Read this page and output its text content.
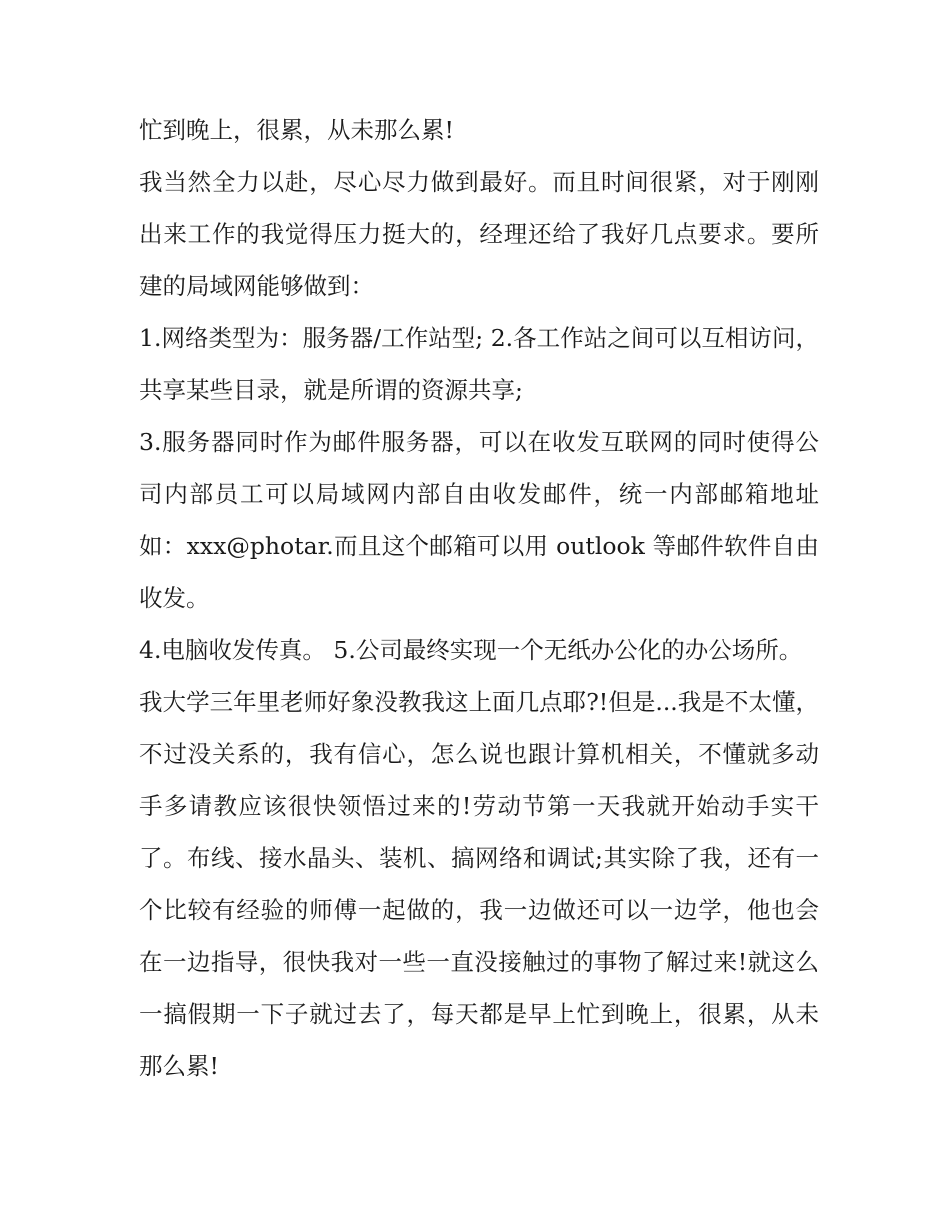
忙到晚上，很累，从未那么累!

我当然全力以赴，尽心尽力做到最好。而且时间很紧，对于刚刚出来工作的我觉得压力挺大的，经理还给了我好几点要求。要所建的局域网能够做到：

1.网络类型为：服务器/工作站型; 2.各工作站之间可以互相访问，共享某些目录，就是所谓的资源共享;

3.服务器同时作为邮件服务器，可以在收发互联网的同时使得公司内部员工可以局域网内部自由收发邮件，统一内部邮箱地址如：xxx@photar.而且这个邮箱可以用 outlook 等邮件软件自由收发。

4.电脑收发传真。 5.公司最终实现一个无纸办公化的办公场所。

我大学三年里老师好象没教我这上面几点耶?!但是...我是不太懂，不过没关系的，我有信心，怎么说也跟计算机相关，不懂就多动手多请教应该很快领悟过来的!劳动节第一天我就开始动手实干了。布线、接水晶头、装机、搞网络和调试;其实除了我，还有一个比较有经验的师傅一起做的，我一边做还可以一边学，他也会在一边指导，很快我对一些一直没接触过的事物了解过来!就这么一搞假期一下子就过去了，每天都是早上忙到晚上，很累，从未那么累!
